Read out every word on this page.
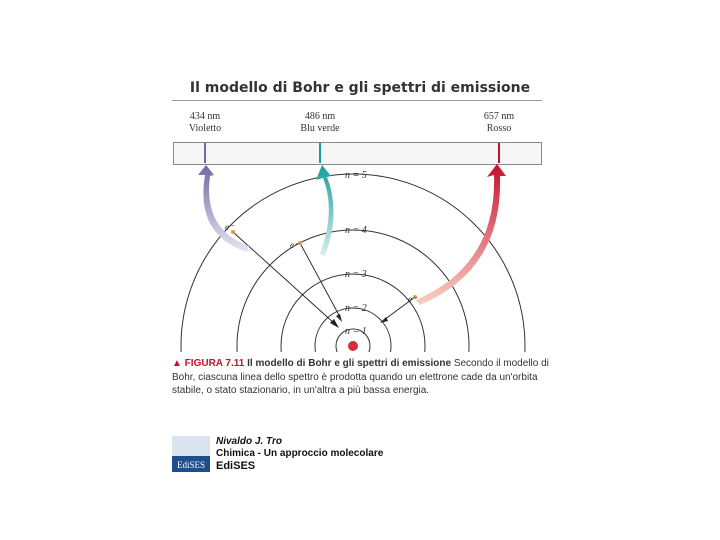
Il modello di Bohr e gli spettri di emissione
434 nm
Violetto
486 nm
Blu verde
657 nm
Rosso
n = 1
n = 2
n = 3
n = 4
n = 5
e⁻
e⁻
e⁻
▲ FIGURA 7.11 Il modello di Bohr e gli spettri di emissione Secondo il modello di Bohr, ciascuna linea dello spettro è prodotta quando un elettrone cade da un'orbita stabile, o stato stazionario, in un'altra a più bassa energia.
EdiSES
Nivaldo J. Tro
Chimica - Un approccio molecolare
EdiSES
